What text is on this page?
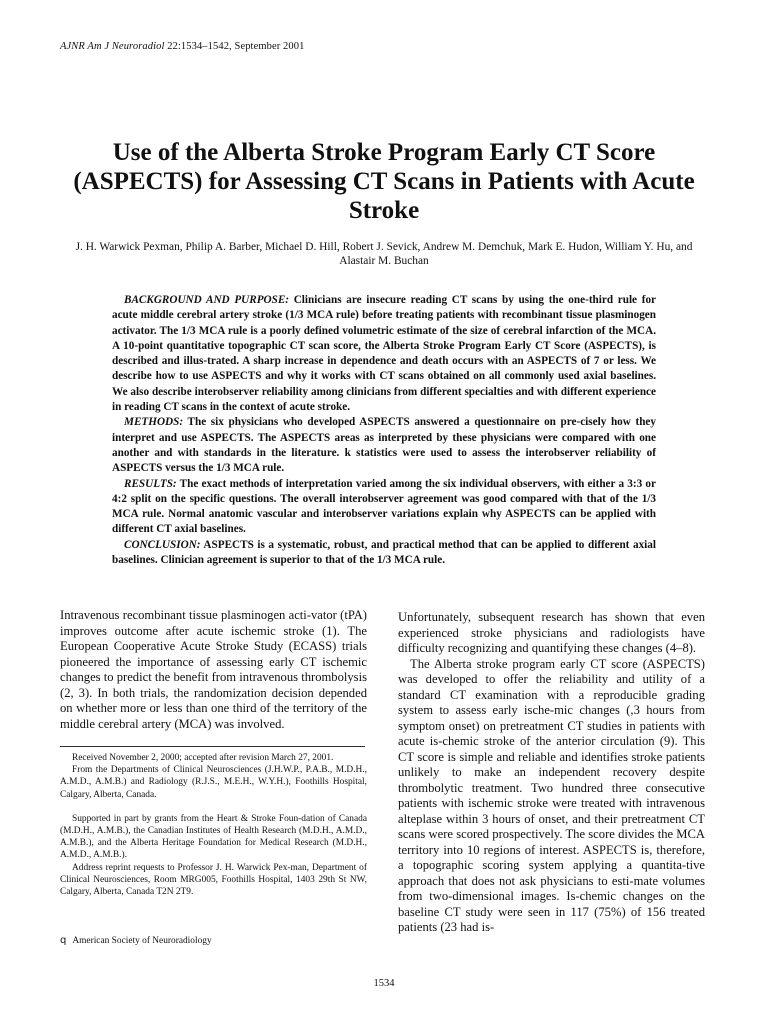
AJNR Am J Neuroradiol 22:1534–1542, September 2001
Use of the Alberta Stroke Program Early CT Score (ASPECTS) for Assessing CT Scans in Patients with Acute Stroke

J. H. Warwick Pexman, Philip A. Barber, Michael D. Hill, Robert J. Sevick, Andrew M. Demchuk, Mark E. Hudon, William Y. Hu, and Alastair M. Buchan

BACKGROUND AND PURPOSE: Clinicians are insecure reading CT scans by using the one-third rule for acute middle cerebral artery stroke (1/3 MCA rule) before treating patients with recombinant tissue plasminogen activator. The 1/3 MCA rule is a poorly defined volumetric estimate of the size of cerebral infarction of the MCA. A 10-point quantitative topographic CT scan score, the Alberta Stroke Program Early CT Score (ASPECTS), is described and illus-trated. A sharp increase in dependence and death occurs with an ASPECTS of 7 or less. We describe how to use ASPECTS and why it works with CT scans obtained on all commonly used axial baselines. We also describe interobserver reliability among clinicians from different specialties and with different experience in reading CT scans in the context of acute stroke.

METHODS: The six physicians who developed ASPECTS answered a questionnaire on pre-cisely how they interpret and use ASPECTS. The ASPECTS areas as interpreted by these physicians were compared with one another and with standards in the literature. k statistics were used to assess the interobserver reliability of ASPECTS versus the 1/3 MCA rule.

RESULTS: The exact methods of interpretation varied among the six individual observers, with either a 3:3 or 4:2 split on the specific questions. The overall interobserver agreement was good compared with that of the 1/3 MCA rule. Normal anatomic vascular and interobserver variations explain why ASPECTS can be applied with different CT axial baselines.

CONCLUSION: ASPECTS is a systematic, robust, and practical method that can be applied to different axial baselines. Clinician agreement is superior to that of the 1/3 MCA rule.

Intravenous recombinant tissue plasminogen acti-vator (tPA) improves outcome after acute ischemic stroke (1). The European Cooperative Acute Stroke Study (ECASS) trials pioneered the importance of assessing early CT ischemic changes to predict the benefit from intravenous thrombolysis (2, 3). In both trials, the randomization decision depended on whether more or less than one third of the territory of the middle cerebral artery (MCA) was involved.

Received November 2, 2000; accepted after revision March 27, 2001.

From the Departments of Clinical Neurosciences (J.H.W.P., P.A.B., M.D.H., A.M.D., A.M.B.) and Radiology (R.J.S., M.E.H., W.Y.H.), Foothills Hospital, Calgary, Alberta, Canada.

Supported in part by grants from the Heart & Stroke Foun-dation of Canada (M.D.H., A.M.B.), the Canadian Institutes of Health Research (M.D.H., A.M.D., A.M.B.), and the Alberta Heritage Foundation for Medical Research (M.D.H., A.M.D., A.M.B.).

Address reprint requests to Professor J. H. Warwick Pex-man, Department of Clinical Neurosciences, Room MRG005, Foothills Hospital, 1403 29th St NW, Calgary, Alberta, Canada T2N 2T9.

q American Society of Neuroradiology

Unfortunately, subsequent research has shown that even experienced stroke physicians and radiologists have difficulty recognizing and quantifying these changes (4–8).

The Alberta stroke program early CT score (ASPECTS) was developed to offer the reliability and utility of a standard CT examination with a reproducible grading system to assess early ische-mic changes (,3 hours from symptom onset) on pretreatment CT studies in patients with acute is-chemic stroke of the anterior circulation (9). This CT score is simple and reliable and identifies stroke patients unlikely to make an independent recovery despite thrombolytic treatment. Two hundred three consecutive patients with ischemic stroke were treated with intravenous alteplase within 3 hours of onset, and their pretreatment CT scans were scored prospectively. The score divides the MCA territory into 10 regions of interest. ASPECTS is, therefore, a topographic scoring system applying a quantita-tive approach that does not ask physicians to esti-mate volumes from two-dimensional images. Is-chemic changes on the baseline CT study were seen in 117 (75%) of 156 treated patients (23 had is-

1534
